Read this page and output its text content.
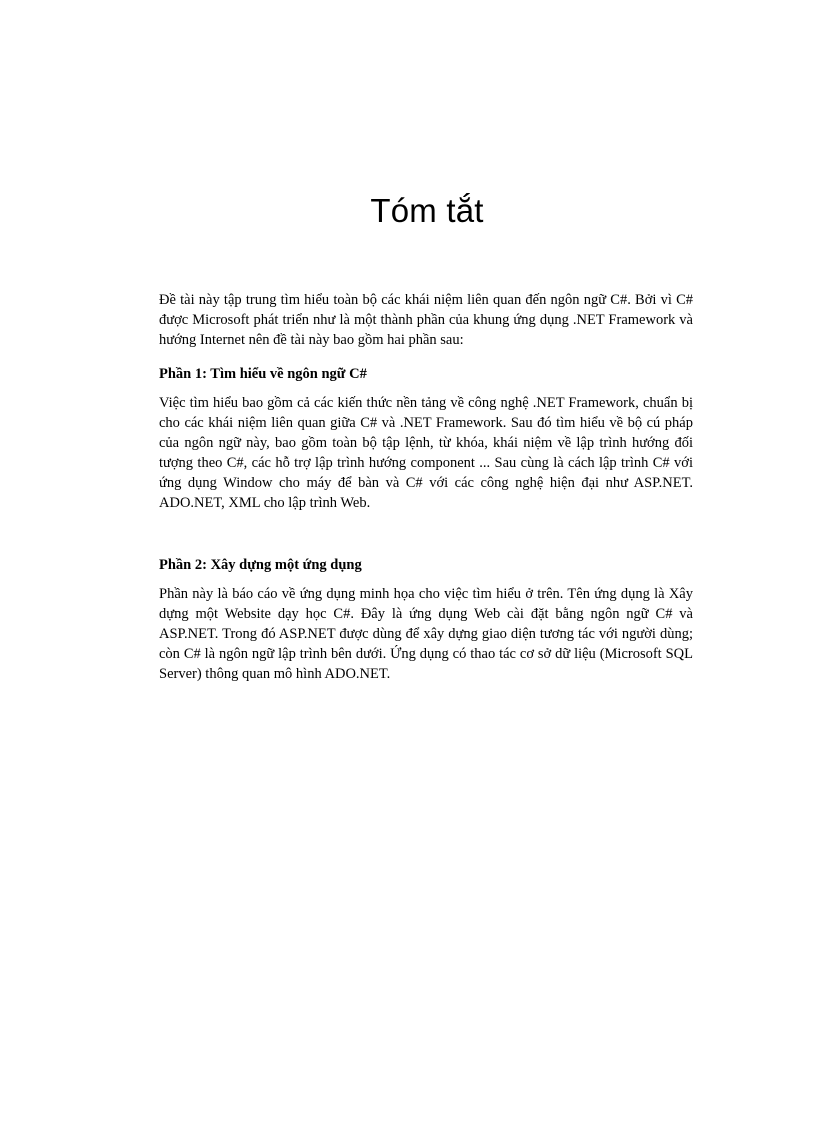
Tóm tắt

Đề tài này tập trung tìm hiểu toàn bộ các khái niệm liên quan đến ngôn ngữ C#. Bởi vì C# được Microsoft phát triển như là một thành phần của khung ứng dụng .NET Framework và hướng Internet nên đề tài này bao gồm hai phần sau:

Phần 1: Tìm hiểu về ngôn ngữ C#

Việc tìm hiểu bao gồm cả các kiến thức nền tảng về công nghệ .NET Framework, chuẩn bị cho các khái niệm liên quan giữa C# và .NET Framework. Sau đó tìm hiểu về bộ cú pháp của ngôn ngữ này, bao gồm toàn bộ tập lệnh, từ khóa, khái niệm về lập trình hướng đối tượng theo C#, các hỗ trợ lập trình hướng component ... Sau cùng là cách lập trình C# với ứng dụng Window cho máy để bàn và C# với các công nghệ hiện đại như ASP.NET. ADO.NET, XML cho lập trình Web.

Phần 2: Xây dựng một ứng dụng

Phần này là báo cáo về ứng dụng minh họa cho việc tìm hiểu ở trên. Tên ứng dụng là Xây dựng một Website dạy học C#. Đây là ứng dụng Web cài đặt bằng ngôn ngữ C# và ASP.NET. Trong đó ASP.NET được dùng để xây dựng giao diện tương tác với người dùng; còn C# là ngôn ngữ lập trình bên dưới. Ứng dụng có thao tác cơ sở dữ liệu (Microsoft SQL Server) thông quan mô hình ADO.NET.
